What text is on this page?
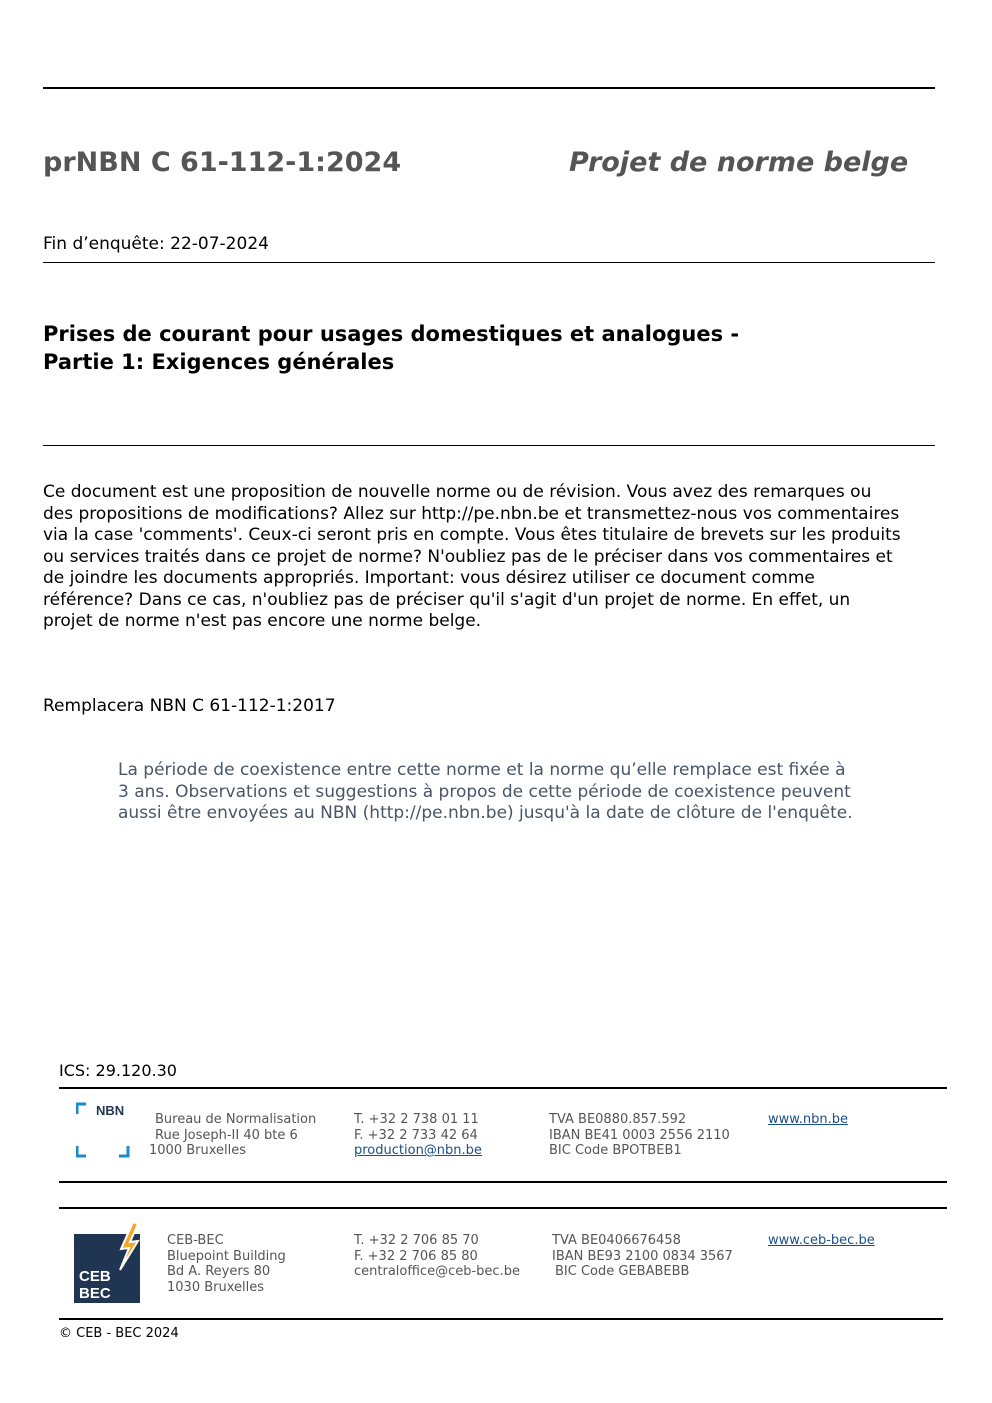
prNBN C 61-112-1:2024	Projet de norme belge
Fin d’enquête: 22-07-2024
Prises de courant pour usages domestiques et analogues -
Partie 1: Exigences générales
Ce document est une proposition de nouvelle norme ou de révision. Vous avez des remarques ou des propositions de modifications? Allez sur http://pe.nbn.be et transmettez-nous vos commentaires via la case 'comments'. Ceux-ci seront pris en compte. Vous êtes titulaire de brevets sur les produits ou services traités dans ce projet de norme? N'oubliez pas de le préciser dans vos commentaires et de joindre les documents appropriés. Important: vous désirez utiliser ce document comme référence? Dans ce cas, n'oubliez pas de préciser qu'il s'agit d'un projet de norme. En effet, un projet de norme n'est pas encore une norme belge.
Remplacera NBN C 61-112-1:2017
La période de coexistence entre cette norme et la norme qu’elle remplace est fixée à 3 ans. Observations et suggestions à propos de cette période de coexistence peuvent aussi être envoyées au NBN (http://pe.nbn.be) jusqu'à la date de clôture de l'enquête.
ICS: 29.120.30
NBN
Bureau de Normalisation
Rue Joseph-II 40 bte 6
1000 Bruxelles
T. +32 2 738 01 11
F. +32 2 733 42 64
production@nbn.be
TVA BE0880.857.592
IBAN BE41 0003 2556 2110
BIC Code BPOTBEB1
www.nbn.be
CEB
BEC
CEB-BEC
Bluepoint Building
Bd A. Reyers 80
1030 Bruxelles
T. +32 2 706 85 70
F. +32 2 706 85 80
centraloffice@ceb-bec.be
TVA BE0406676458
IBAN BE93 2100 0834 3567
BIC Code GEBABEBB
www.ceb-bec.be
© CEB - BEC 2024
